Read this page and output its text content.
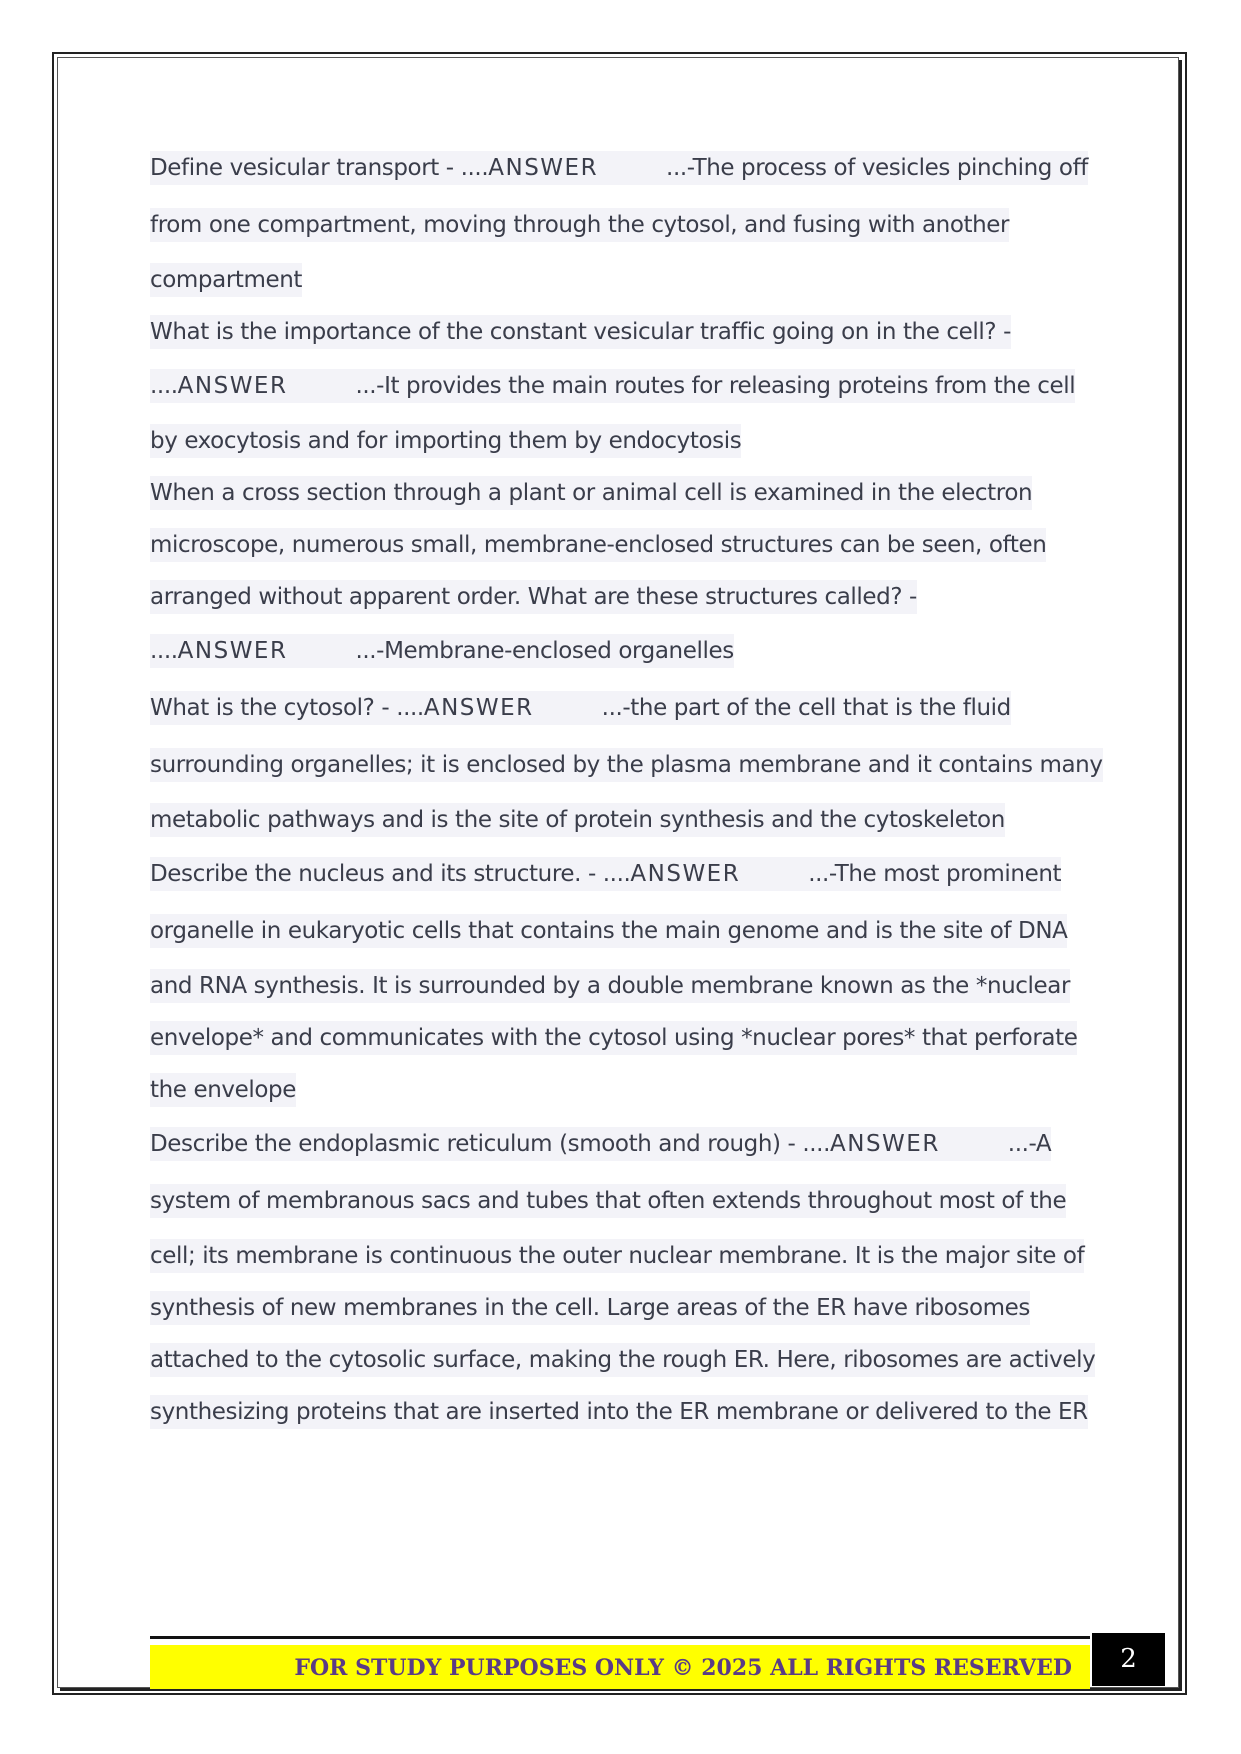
Define vesicular transport - ....ANSWER	...-The process of vesicles pinching off
from one compartment, moving through the cytosol, and fusing with another
compartment
What is the importance of the constant vesicular traffic going on in the cell? -
....ANSWER	...-It provides the main routes for releasing proteins from the cell
by exocytosis and for importing them by endocytosis
When a cross section through a plant or animal cell is examined in the electron
microscope, numerous small, membrane-enclosed structures can be seen, often
arranged without apparent order. What are these structures called? -
....ANSWER	...-Membrane-enclosed organelles
What is the cytosol? - ....ANSWER	...-the part of the cell that is the fluid
surrounding organelles; it is enclosed by the plasma membrane and it contains many
metabolic pathways and is the site of protein synthesis and the cytoskeleton
Describe the nucleus and its structure. - ....ANSWER	...-The most prominent
organelle in eukaryotic cells that contains the main genome and is the site of DNA
and RNA synthesis. It is surrounded by a double membrane known as the *nuclear
envelope* and communicates with the cytosol using *nuclear pores* that perforate
the envelope
Describe the endoplasmic reticulum (smooth and rough) - ....ANSWER	...-A
system of membranous sacs and tubes that often extends throughout most of the
cell; its membrane is continuous the outer nuclear membrane. It is the major site of
synthesis of new membranes in the cell. Large areas of the ER have ribosomes
attached to the cytosolic surface, making the rough ER. Here, ribosomes are actively
synthesizing proteins that are inserted into the ER membrane or delivered to the ER
FOR STUDY PURPOSES ONLY © 2025 ALL RIGHTS RESERVED	2
